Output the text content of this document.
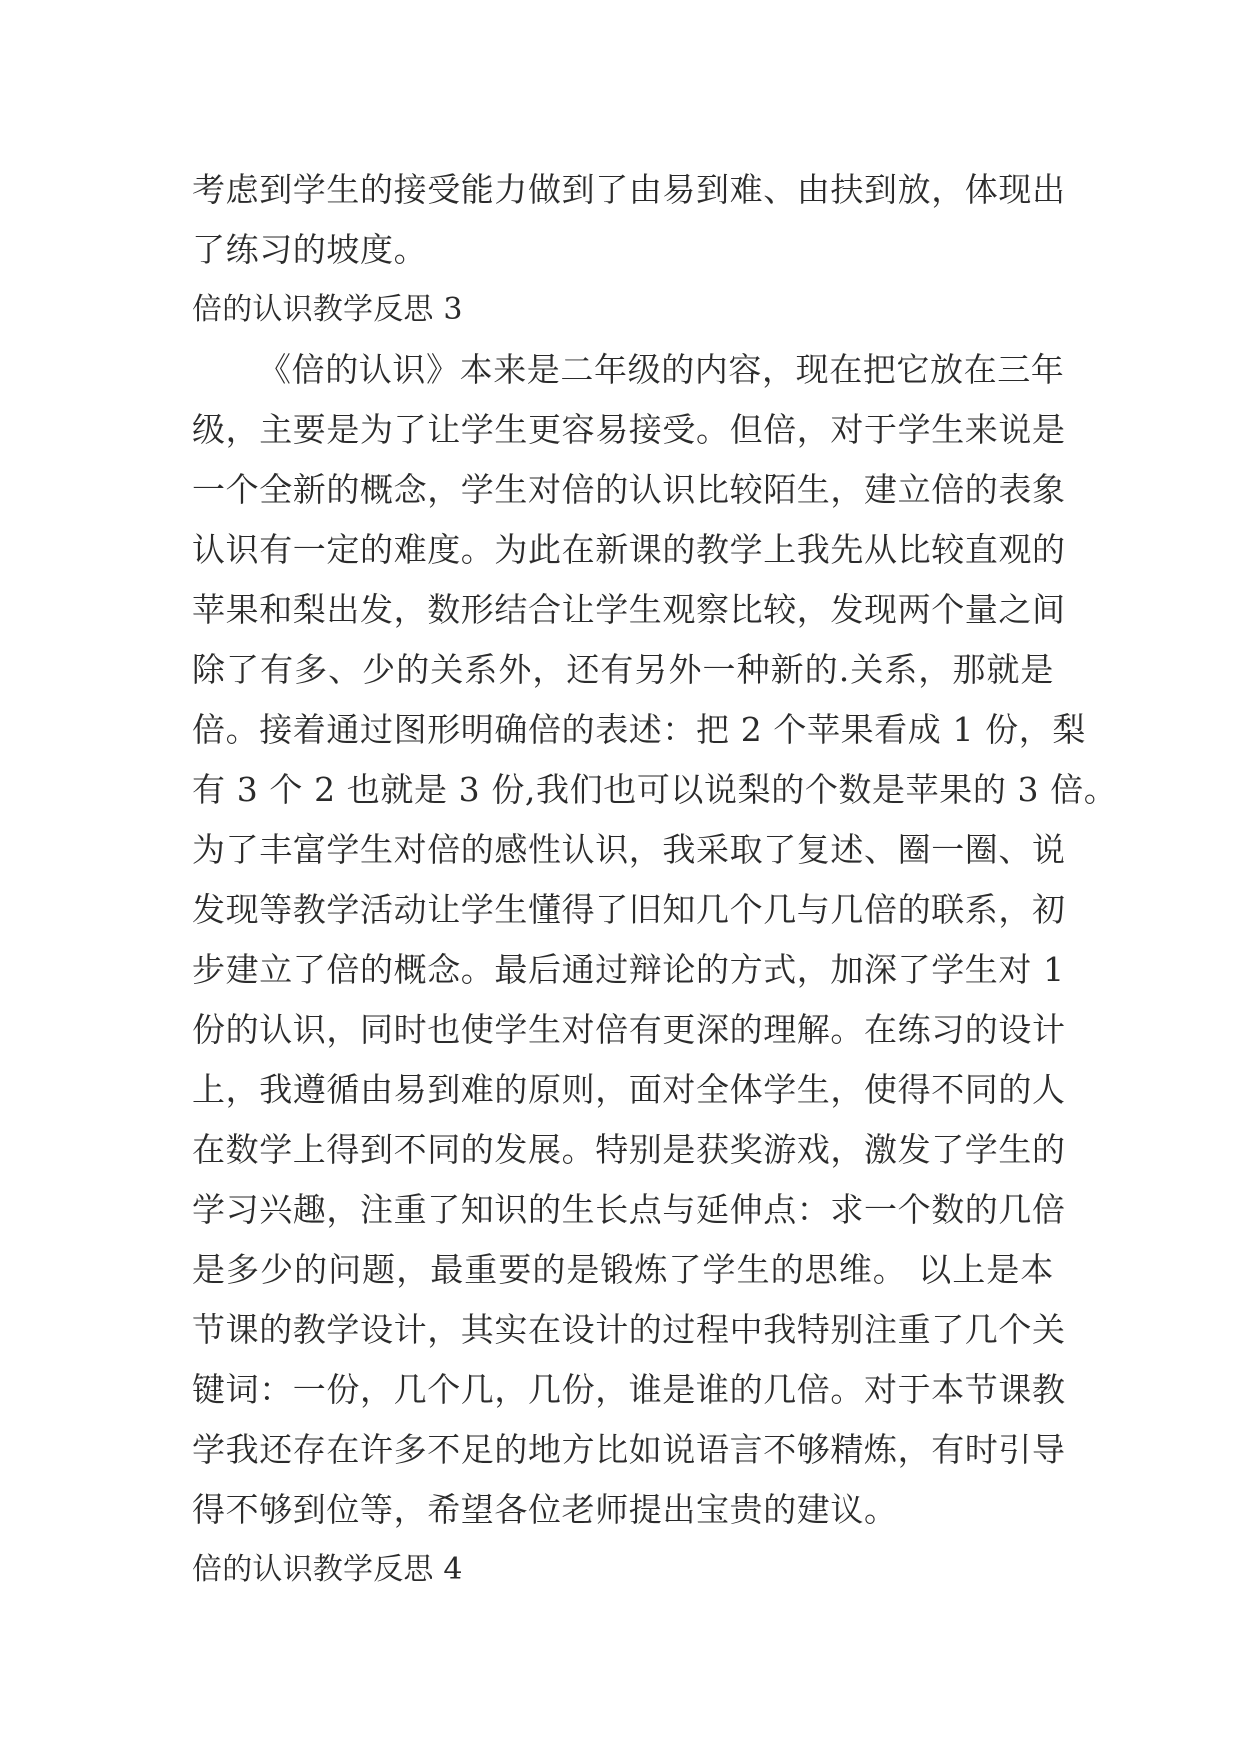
考虑到学生的接受能力做到了由易到难、由扶到放，体现出
了练习的坡度。
倍的认识教学反思 3
《倍的认识》本来是二年级的内容，现在把它放在三年
级，主要是为了让学生更容易接受。但倍，对于学生来说是
一个全新的概念，学生对倍的认识比较陌生，建立倍的表象
认识有一定的难度。为此在新课的教学上我先从比较直观的
苹果和梨出发，数形结合让学生观察比较，发现两个量之间
除了有多、少的关系外，还有另外一种新的.关系，那就是
倍。接着通过图形明确倍的表述：把 2 个苹果看成 1 份，梨
有 3 个 2 也就是 3 份,我们也可以说梨的个数是苹果的 3 倍。
为了丰富学生对倍的感性认识，我采取了复述、圈一圈、说
发现等教学活动让学生懂得了旧知几个几与几倍的联系，初
步建立了倍的概念。最后通过辩论的方式，加深了学生对 1
份的认识，同时也使学生对倍有更深的理解。在练习的设计
上，我遵循由易到难的原则，面对全体学生，使得不同的人
在数学上得到不同的发展。特别是获奖游戏，激发了学生的
学习兴趣，注重了知识的生长点与延伸点：求一个数的几倍
是多少的问题，最重要的是锻炼了学生的思维。 以上是本
节课的教学设计，其实在设计的过程中我特别注重了几个关
键词：一份，几个几，几份，谁是谁的几倍。对于本节课教
学我还存在许多不足的地方比如说语言不够精炼，有时引导
得不够到位等，希望各位老师提出宝贵的建议。
倍的认识教学反思 4
